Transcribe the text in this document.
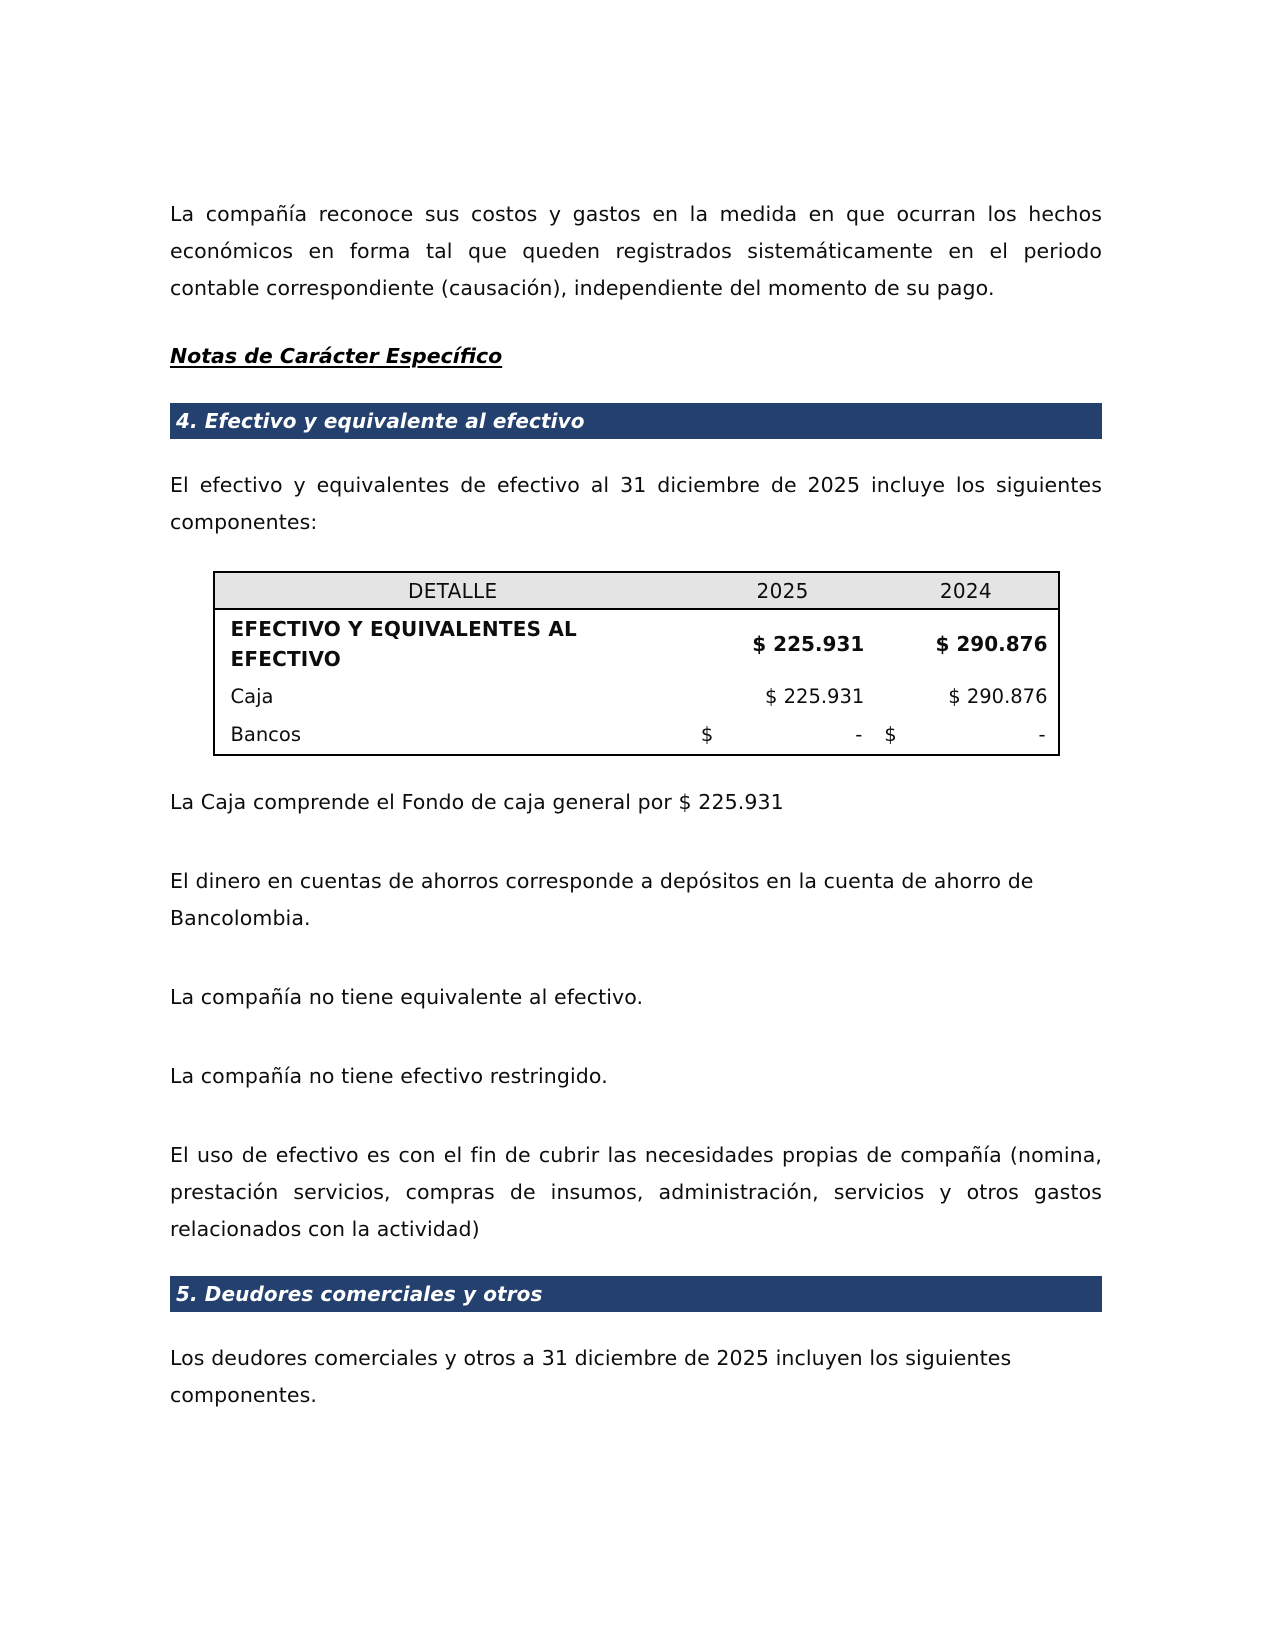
La compañía reconoce sus costos y gastos en la medida en que ocurran los hechos económicos en forma tal que queden registrados sistemáticamente en el periodo contable correspondiente (causación), independiente del momento de su pago.

Notas de Carácter Específico
4. Efectivo y equivalente al efectivo

El efectivo y equivalentes de efectivo al 31 diciembre de 2025 incluye los siguientes componentes:

DETALLE	2025	2024
EFECTIVO Y EQUIVALENTES AL EFECTIVO	$ 225.931	$ 290.876
Caja	$ 225.931	$ 290.876
Bancos	$ -	$ -

La Caja comprende el Fondo de caja general por $ 225.931

El dinero en cuentas de ahorros corresponde a depósitos en la cuenta de ahorro de Bancolombia.

La compañía no tiene equivalente al efectivo.

La compañía no tiene efectivo restringido.

El uso de efectivo es con el fin de cubrir las necesidades propias de compañía (nomina, prestación servicios, compras de insumos, administración, servicios y otros gastos relacionados con la actividad)

5. Deudores comerciales y otros

Los deudores comerciales y otros a 31 diciembre de 2025 incluyen los siguientes componentes.
